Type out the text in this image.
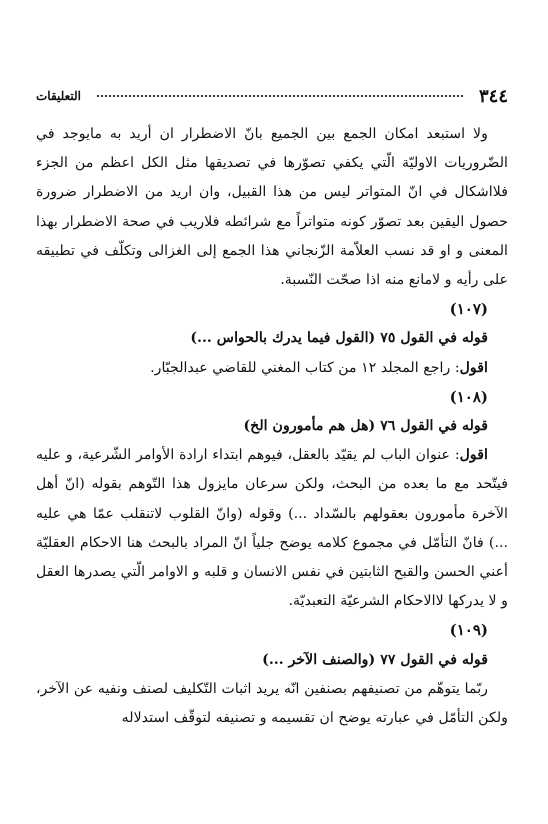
٣٤٤
التعليقات

ولا استبعد امكان الجمع بين الجميع بانّ الاضطرار ان أريد به مايوجد في الضّروريات الاوليّة الّتي يكفي تصوّرها في تصديقها مثل الكل اعظم من الجزء فلااشكال في انّ المتواتر ليس من هذا القبيل، وان اريد من الاضطرار ضرورة حصول اليقين بعد تصوّر كونه متواتراً مع شرائطه فلاريب في صحة الاضطرار بهذا المعنى و او قد نسب العلاّمة الزّنجاني هذا الجمع إلى الغزالى وتكلّف في تطبيقه على رأيه و لامانع منه اذا صحّت النّسبة.

(١٠٧)

قوله في القول ٧٥ (القول فيما يدرك بالحواس ...)

اقول: راجع المجلد ١٢ من كتاب المغني للقاضي عبدالجبّار.

(١٠٨)

قوله في القول ٧٦ (هل هم مأمورون الخ)

اقول: عنوان الباب لم يقيّد بالعقل، فيوهم ابتداء ارادة الأوامر الشّرعية، و عليه فيتّحد مع ما بعده من البحث، ولكن سرعان مايزول هذا التّوهم بقوله (انّ أهل الآخرة مأمورون بعقولهم بالسّداد ...) وقوله (وانّ القلوب لاتنقلب عمّا هي عليه ...) فانّ التأمّل في مجموع كلامه يوضح جلياً انّ المراد بالبحث هنا الاحكام العقليّة أعني الحسن والقبح الثابتين في نفس الانسان و قلبه و الاوامر الّتي يصدرها العقل و لا يدركها لاالاحكام الشرعيّة التعبديّة.

(١٠٩)

قوله في القول ٧٧ (والصنف الآخر ...)

ربّما يتوهّم من تصنيفهم بصنفين انّه يريد اثبات التّكليف لصنف ونفيه عن الآخر، ولكن التأمّل في عبارته يوضح ان تقسيمه و تصنيفه لتوقّف استدلاله
